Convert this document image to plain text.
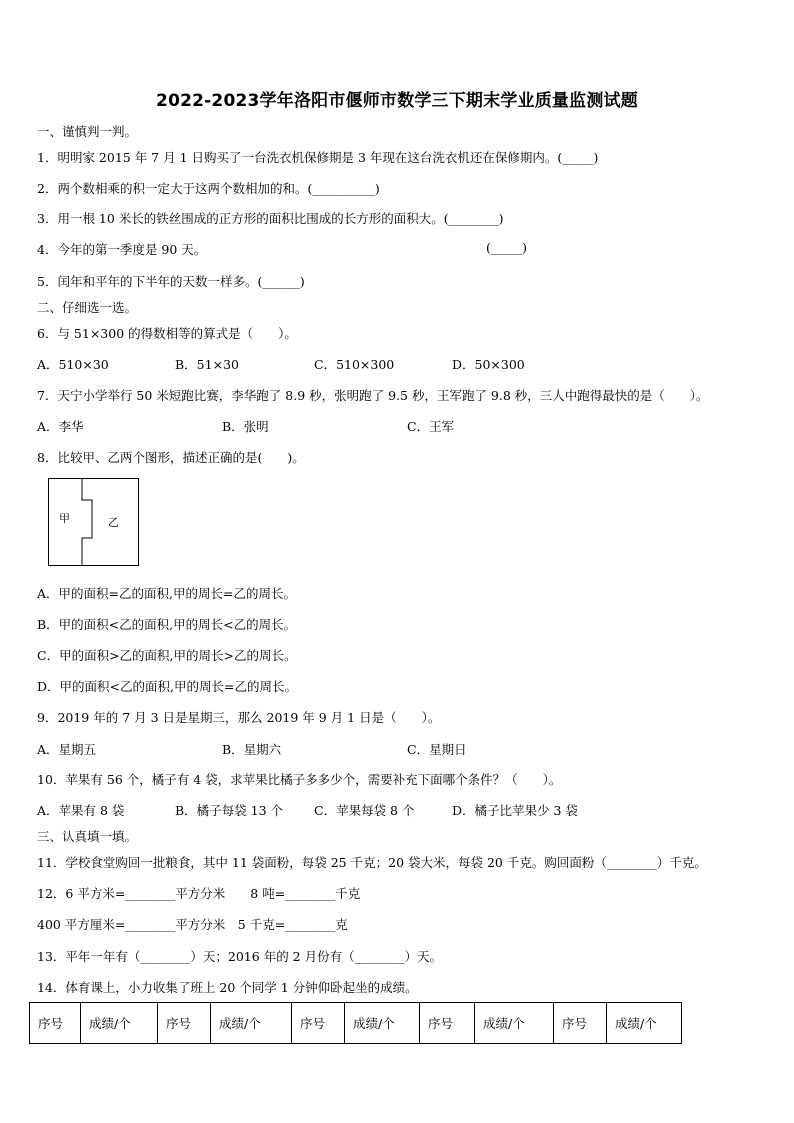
2022-2023学年洛阳市偃师市数学三下期末学业质量监测试题
一、谨慎判一判。
1．明明家 2015 年 7 月 1 日购买了一台洗衣机保修期是 3 年现在这台洗衣机还在保修期内。(_____)
2．两个数相乘的积一定大于这两个数相加的和。(__________)
3．用一根 10 米长的铁丝围成的正方形的面积比围成的长方形的面积大。(________)
4．今年的第一季度是 90 天。	(_____)
5．闰年和平年的下半年的天数一样多。(______)
二、仔细选一选。
6．与 51×300 的得数相等的算式是（　　）。
A．510×30	B．51×30	C．510×300	D．50×300
7．天宁小学举行 50 米短跑比赛，李华跑了 8.9 秒，张明跑了 9.5 秒，王军跑了 9.8 秒，三人中跑得最快的是（　　）。
A．李华	B．张明	C．王军
8．比较甲、乙两个图形，描述正确的是(　　)。
甲	乙
A．甲的面积=乙的面积,甲的周长=乙的周长。
B．甲的面积<乙的面积,甲的周长<乙的周长。
C．甲的面积>乙的面积,甲的周长>乙的周长。
D．甲的面积<乙的面积,甲的周长=乙的周长。
9．2019 年的 7 月 3 日是星期三，那么 2019 年 9 月 1 日是（　　）。
A．星期五	B．星期六	C．星期日
10．苹果有 56 个，橘子有 4 袋，求苹果比橘子多多少个，需要补充下面哪个条件？（　　）。
A．苹果有 8 袋	B．橘子每袋 13 个 C．苹果每袋 8 个	D．橘子比苹果少 3 袋
三、认真填一填。
11．学校食堂购回一批粮食，其中 11 袋面粉，每袋 25 千克；20 袋大米，每袋 20 千克。购回面粉（________）千克。
12．6 平方米=________平方分米　　8 吨=________千克
400 平方厘米=________平方分米　5 千克=________克
13．平年一年有（________）天；2016 年的 2 月份有（________）天。
14．体育课上，小力收集了班上 20 个同学 1 分钟仰卧起坐的成绩。
序号	成绩/个	序号	成绩/个	序号	成绩/个	序号	成绩/个	序号	成绩/个
